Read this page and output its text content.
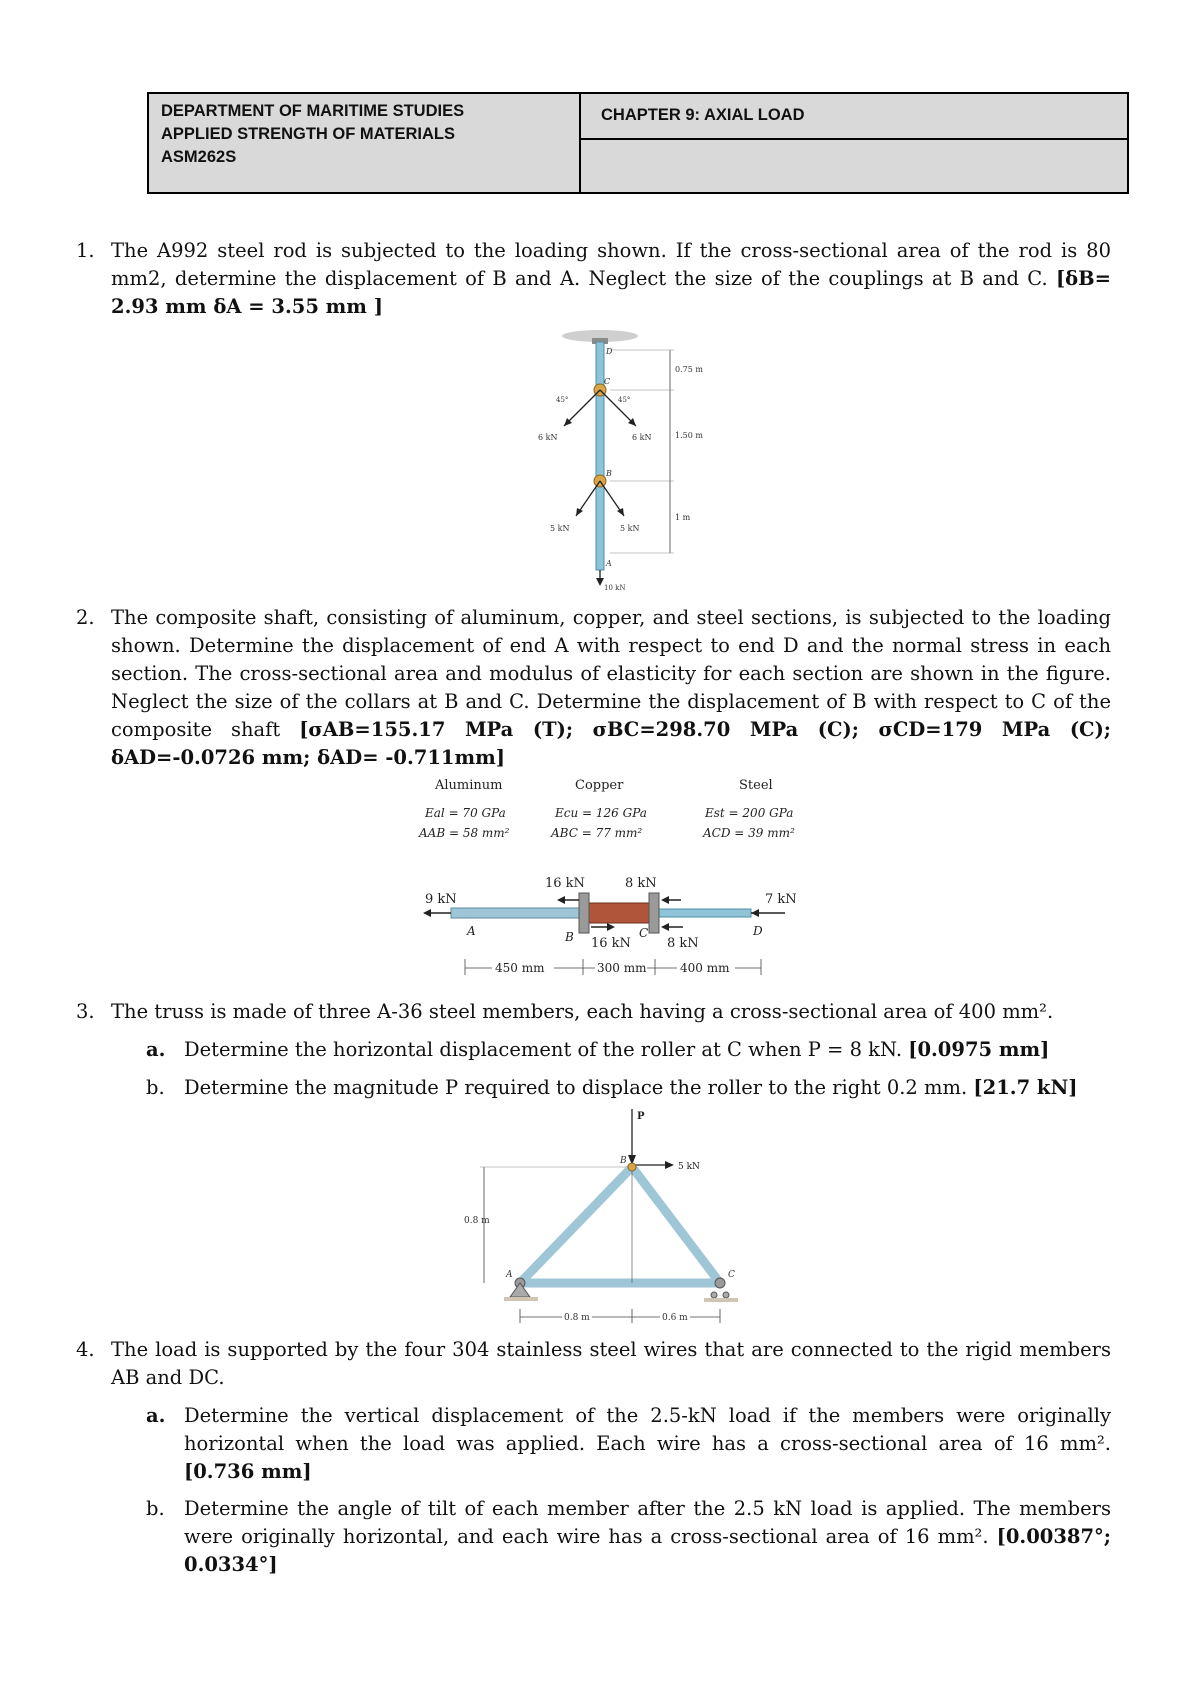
DEPARTMENT OF MARITIME STUDIES
APPLIED STRENGTH OF MATERIALS
ASM262S
CHAPTER 9: AXIAL LOAD
1. The A992 steel rod is subjected to the loading shown. If the cross-sectional area of the rod is 80 mm2, determine the displacement of B and A. Neglect the size of the couplings at B and C. [δB= 2.93 mm δA = 3.55 mm ]
0.75 m
1.50 m
1 m
6 kN	6 kN
5 kN	5 kN
10 kN
45°	45°
D
C
B
A
2. The composite shaft, consisting of aluminum, copper, and steel sections, is subjected to the loading shown. Determine the displacement of end A with respect to end D and the normal stress in each section. The cross-sectional area and modulus of elasticity for each section are shown in the figure. Neglect the size of the collars at B and C. Determine the displacement of B with respect to C of the composite shaft [σAB=155.17 MPa (T); σBC=298.70 MPa (C); σCD=179 MPa (C); δAD=-0.0726 mm; δAD= -0.711mm]
Aluminum	Copper	Steel
Eal = 70 GPa	Ecu = 126 GPa	Est = 200 GPa
AAB = 58 mm²	ABC = 77 mm²	ACD = 39 mm²
9 kN
16 kN	8 kN
7 kN
16 kN	8 kN
A	B	C	D
450 mm	300 mm	400 mm
3. The truss is made of three A-36 steel members, each having a cross-sectional area of 400 mm².
a. Determine the horizontal displacement of the roller at C when P = 8 kN. [0.0975 mm]
b. Determine the magnitude P required to displace the roller to the right 0.2 mm. [21.7 kN]
P
5 kN
0.8 m
0.8 m	0.6 m
A
B
C
4. The load is supported by the four 304 stainless steel wires that are connected to the rigid members AB and DC.
a. Determine the vertical displacement of the 2.5-kN load if the members were originally horizontal when the load was applied. Each wire has a cross-sectional area of 16 mm². [0.736 mm]
b. Determine the angle of tilt of each member after the 2.5 kN load is applied. The members were originally horizontal, and each wire has a cross-sectional area of 16 mm². [0.00387°; 0.0334°]
